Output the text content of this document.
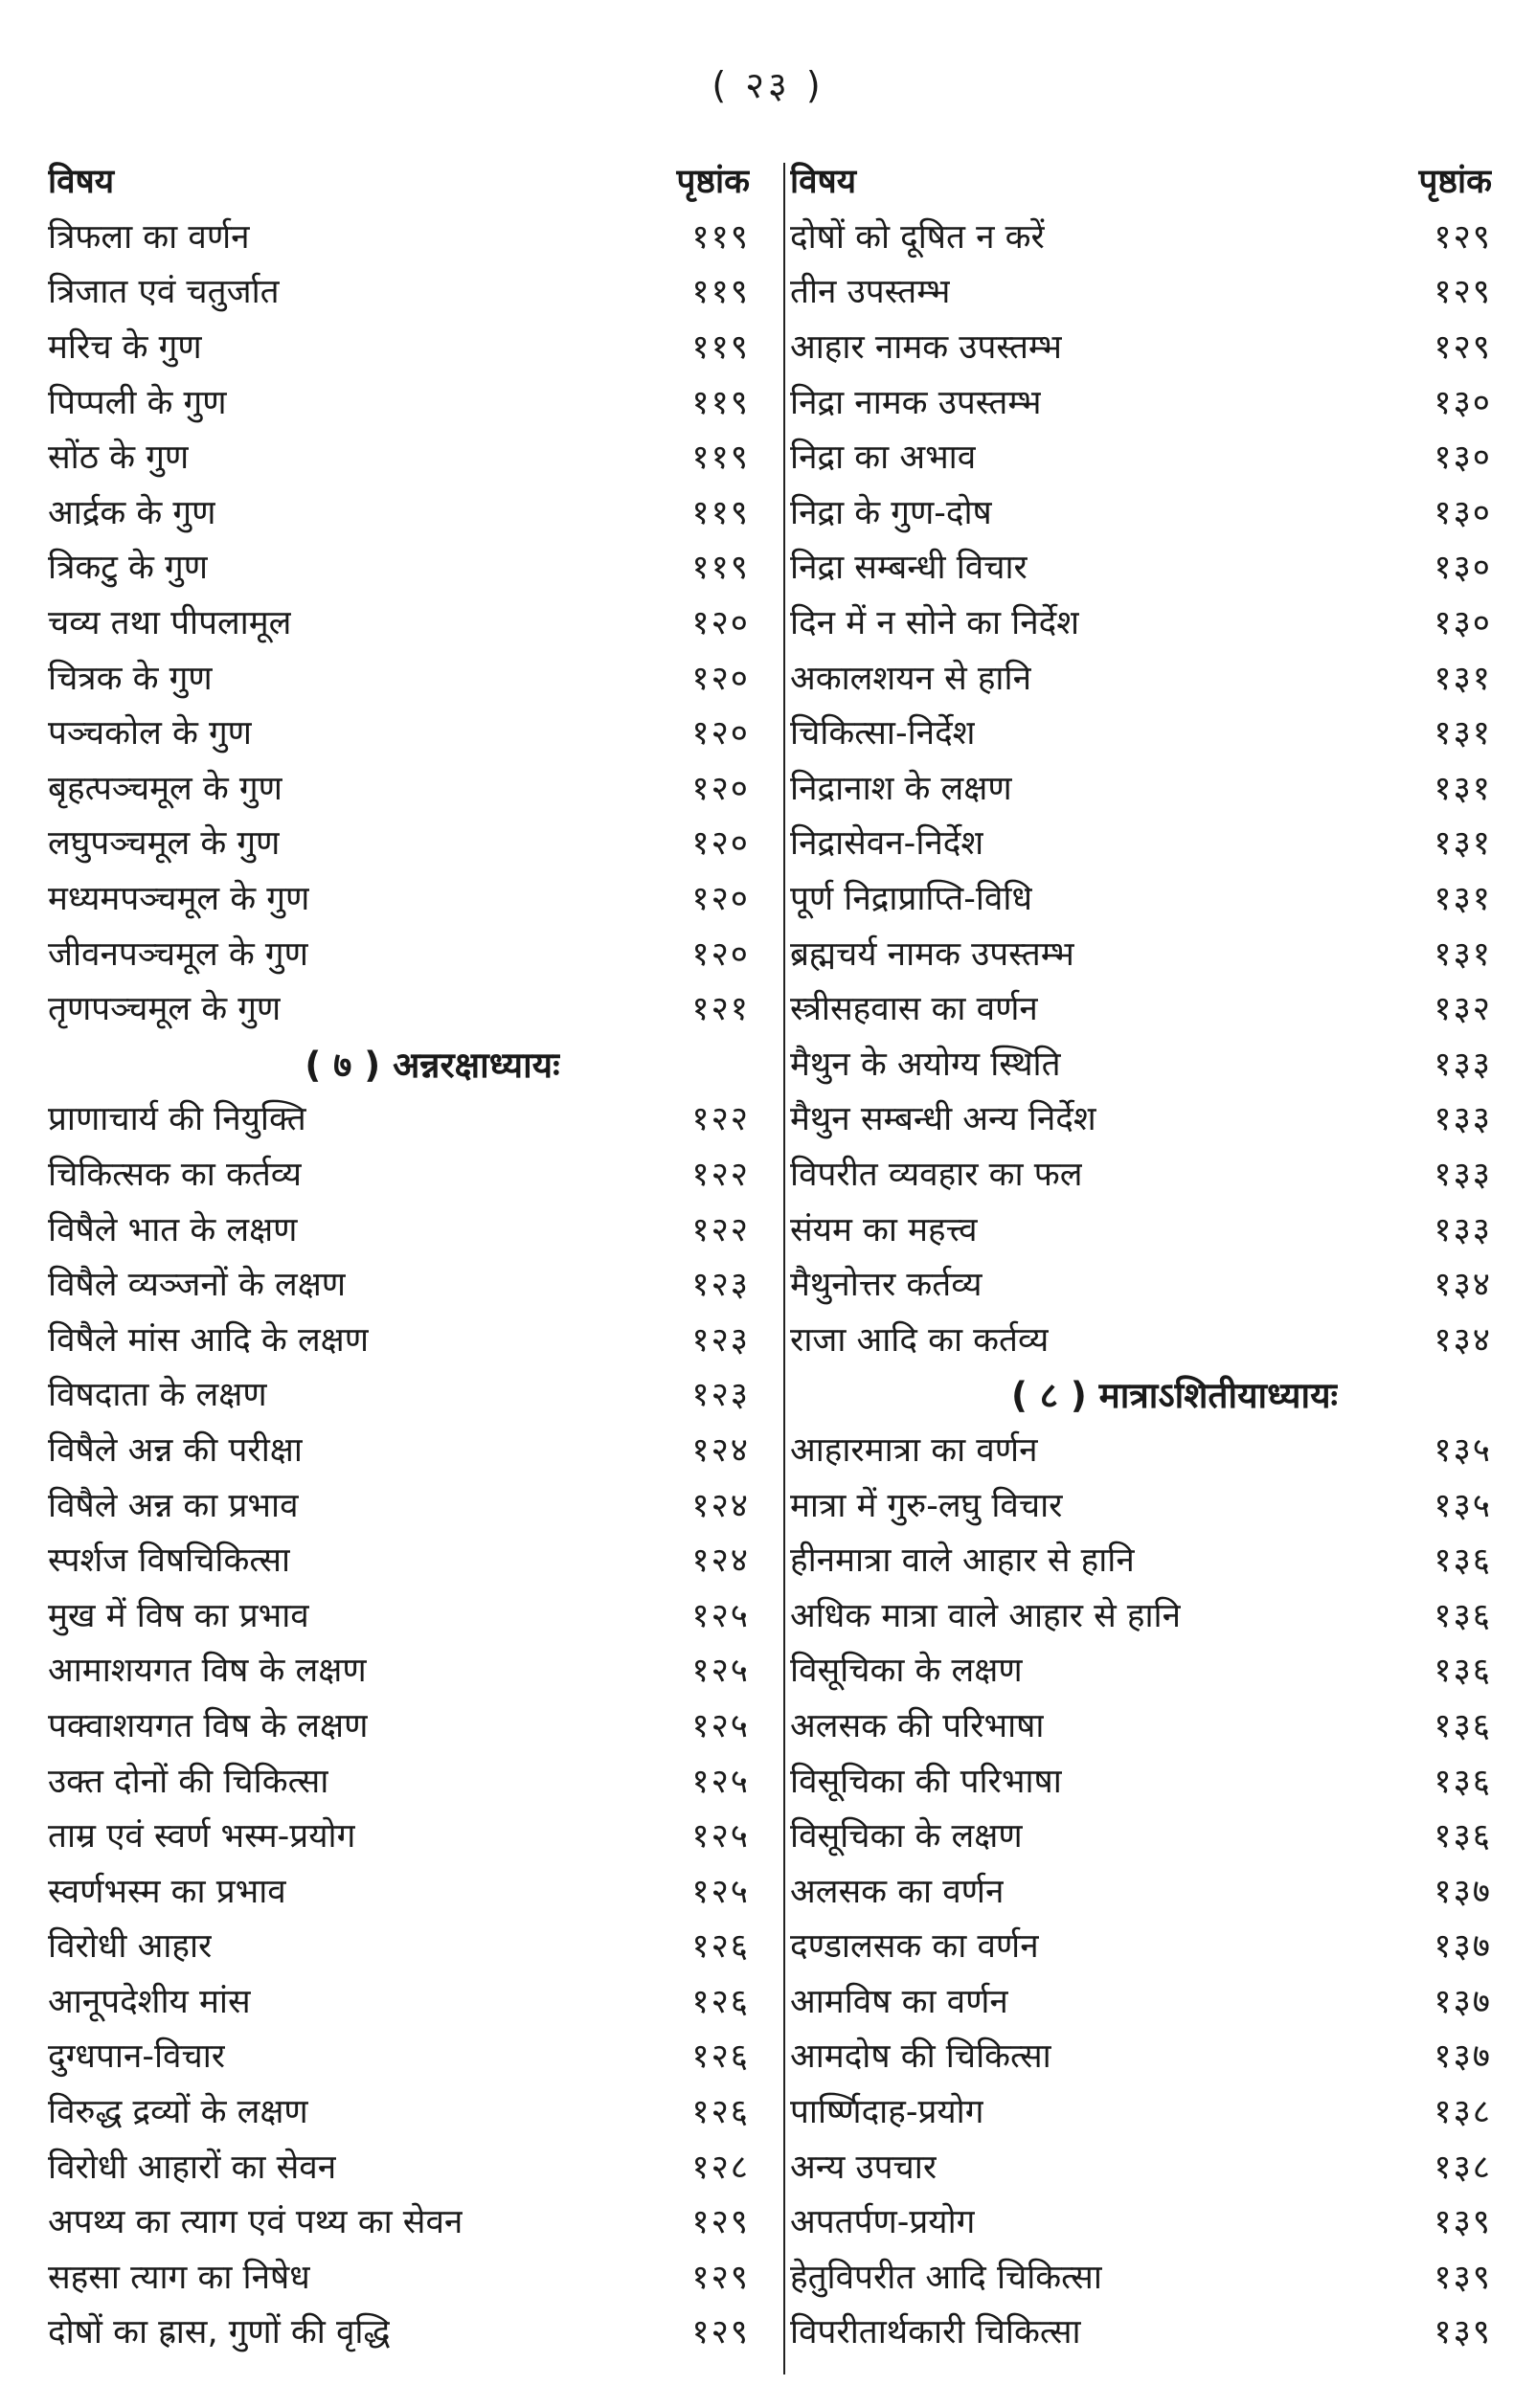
( २३ )
विषय	पृष्ठांक
त्रिफला का वर्णन	११९
त्रिजात एवं चतुर्जात	११९
मरिच के गुण	११९
पिप्पली के गुण	११९
सोंठ के गुण	११९
आर्द्रक के गुण	११९
त्रिकटु के गुण	११९
चव्य तथा पीपलामूल	१२०
चित्रक के गुण	१२०
पञ्चकोल के गुण	१२०
बृहत्पञ्चमूल के गुण	१२०
लघुपञ्चमूल के गुण	१२०
मध्यमपञ्चमूल के गुण	१२०
जीवनपञ्चमूल के गुण	१२०
तृणपञ्चमूल के गुण	१२१
( ७ ) अन्नरक्षाध्यायः
प्राणाचार्य की नियुक्ति	१२२
चिकित्सक का कर्तव्य	१२२
विषैले भात के लक्षण	१२२
विषैले व्यञ्जनों के लक्षण	१२३
विषैले मांस आदि के लक्षण	१२३
विषदाता के लक्षण	१२३
विषैले अन्न की परीक्षा	१२४
विषैले अन्न का प्रभाव	१२४
स्पर्शज विषचिकित्सा	१२४
मुख में विष का प्रभाव	१२५
आमाशयगत विष के लक्षण	१२५
पक्वाशयगत विष के लक्षण	१२५
उक्त दोनों की चिकित्सा	१२५
ताम्र एवं स्वर्ण भस्म-प्रयोग	१२५
स्वर्णभस्म का प्रभाव	१२५
विरोधी आहार	१२६
आनूपदेशीय मांस	१२६
दुग्धपान-विचार	१२६
विरुद्ध द्रव्यों के लक्षण	१२६
विरोधी आहारों का सेवन	१२८
अपथ्य का त्याग एवं पथ्य का सेवन	१२९
सहसा त्याग का निषेध	१२९
दोषों का ह्रास, गुणों की वृद्धि	१२९
विषय	पृष्ठांक
दोषों को दूषित न करें	१२९
तीन उपस्तम्भ	१२९
आहार नामक उपस्तम्भ	१२९
निद्रा नामक उपस्तम्भ	१३०
निद्रा का अभाव	१३०
निद्रा के गुण-दोष	१३०
निद्रा सम्बन्धी विचार	१३०
दिन में न सोने का निर्देश	१३०
अकालशयन से हानि	१३१
चिकित्सा-निर्देश	१३१
निद्रानाश के लक्षण	१३१
निद्रासेवन-निर्देश	१३१
पूर्ण निद्राप्राप्ति-विधि	१३१
ब्रह्मचर्य नामक उपस्तम्भ	१३१
स्त्रीसहवास का वर्णन	१३२
मैथुन के अयोग्य स्थिति	१३३
मैथुन सम्बन्धी अन्य निर्देश	१३३
विपरीत व्यवहार का फल	१३३
संयम का महत्त्व	१३३
मैथुनोत्तर कर्तव्य	१३४
राजा आदि का कर्तव्य	१३४
( ८ ) मात्राऽशितीयाध्यायः
आहारमात्रा का वर्णन	१३५
मात्रा में गुरु-लघु विचार	१३५
हीनमात्रा वाले आहार से हानि	१३६
अधिक मात्रा वाले आहार से हानि	१३६
विसूचिका के लक्षण	१३६
अलसक की परिभाषा	१३६
विसूचिका की परिभाषा	१३६
विसूचिका के लक्षण	१३६
अलसक का वर्णन	१३७
दण्डालसक का वर्णन	१३७
आमविष का वर्णन	१३७
आमदोष की चिकित्सा	१३७
पार्ष्णिदाह-प्रयोग	१३८
अन्य उपचार	१३८
अपतर्पण-प्रयोग	१३९
हेतुविपरीत आदि चिकित्सा	१३९
विपरीतार्थकारी चिकित्सा	१३९
